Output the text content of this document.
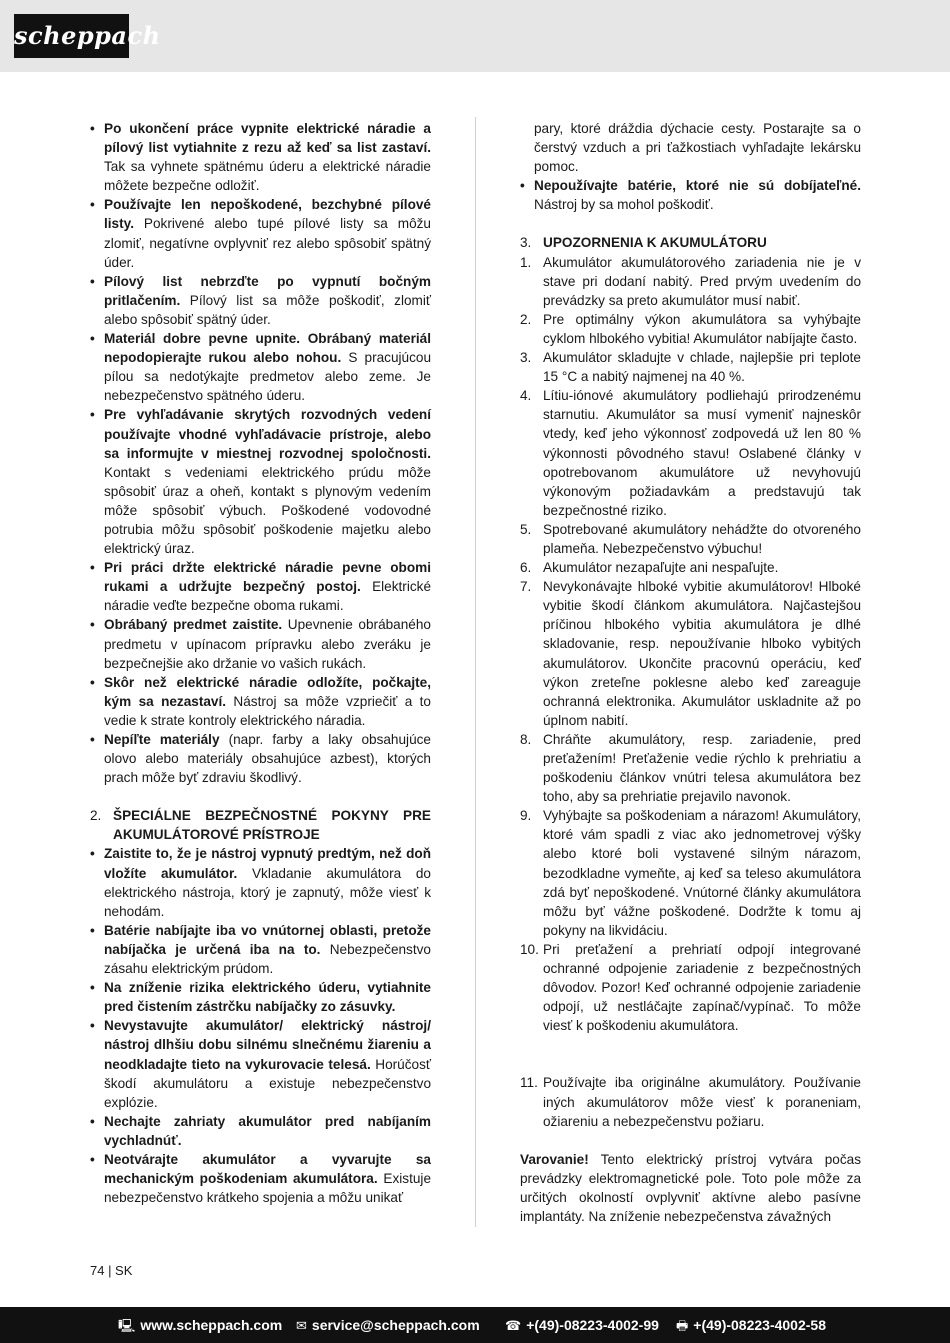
scheppach
• Po ukončení práce vypnite elektrické náradie a pílový list vytiahnite z rezu až keď sa list zastaví. Tak sa vyhnete spätnému úderu a elektrické náradie môžete bezpečne odložiť.
• Používajte len nepoškodené, bezchybné pílové listy. Pokrivené alebo tupé pílové listy sa môžu zlomiť, negatívne ovplyvniť rez alebo spôsobiť spätný úder.
• Pílový list nebrzďte po vypnutí bočným pritlačením. Pílový list sa môže poškodiť, zlomiť alebo spôsobiť spätný úder.
• Materiál dobre pevne upnite. Obrábaný materiál nepodopierajte rukou alebo nohou. S pracujúcou pílou sa nedotýkajte predmetov alebo zeme. Je nebezpečenstvo spätného úderu.
• Pre vyhľadávanie skrytých rozvodných vedení používajte vhodné vyhľadávacie prístroje, alebo sa informujte v miestnej rozvodnej spoločnosti. Kontakt s vedeniami elektrického prúdu môže spôsobiť úraz a oheň, kontakt s plynovým vedením môže spôsobiť výbuch. Poškodené vodovodné potrubia môžu spôsobiť poškodenie majetku alebo elektrický úraz.
• Pri práci držte elektrické náradie pevne obomi rukami a udržujte bezpečný postoj. Elektrické náradie veďte bezpečne oboma rukami.
• Obrábaný predmet zaistite. Upevnenie obrábaného predmetu v upínacom prípravku alebo zveráku je bezpečnejšie ako držanie vo vašich rukách.
• Skôr než elektrické náradie odložíte, počkajte, kým sa nezastaví. Nástroj sa môže vzpriečiť a to vedie k strate kontroly elektrického náradia.
• Nepíľte materiály (napr. farby a laky obsahujúce olovo alebo materiály obsahujúce azbest), ktorých prach môže byť zdraviu škodlivý.
2. ŠPECIÁLNE BEZPEČNOSTNÉ POKYNY PRE AKUMULÁTOROVÉ PRÍSTROJE
• Zaistite to, že je nástroj vypnutý predtým, než doň vložíte akumulátor. Vkladanie akumulátora do elektrického nástroja, ktorý je zapnutý, môže viesť k nehodám.
• Batérie nabíjajte iba vo vnútornej oblasti, pretože nabíjačka je určená iba na to. Nebezpečenstvo zásahu elektrickým prúdom.
• Na zníženie rizika elektrického úderu, vytiahnite pred čistením zástrčku nabíjačky zo zásuvky.
• Nevystavujte akumulátor/ elektrický nástroj/ nástroj dlhšiu dobu silnému slnečnému žiareniu a neodkladajte tieto na vykurovacie telesá. Horúčosť škodí akumulátoru a existuje nebezpečenstvo explózie.
• Nechajte zahriaty akumulátor pred nabíjaním vychladnúť.
• Neotvárajte akumulátor a vyvarujte sa mechanickým poškodeniam akumulátora. Existuje nebezpečenstvo krátkeho spojenia a môžu unikať

pary, ktoré dráždia dýchacie cesty. Postarajte sa o čerstvý vzduch a pri ťažkostiach vyhľadajte lekársku pomoc.

• Nepoužívajte batérie, ktoré nie sú dobíjateľné. Nástroj by sa mohol poškodiť.
3. UPOZORNENIA K AKUMULÁTORU
1. Akumulátor akumulátorového zariadenia nie je v stave pri dodaní nabitý. Pred prvým uvedením do prevádzky sa preto akumulátor musí nabiť.
2. Pre optimálny výkon akumulátora sa vyhýbajte cyklom hlbokého vybitia! Akumulátor nabíjajte často.
3. Akumulátor skladujte v chlade, najlepšie pri teplote 15 °C a nabitý najmenej na 40 %.
4. Lítiu-iónové akumulátory podliehajú prirodzenému starnutiu. Akumulátor sa musí vymeniť najneskôr vtedy, keď jeho výkonnosť zodpovedá už len 80 % výkonnosti pôvodného stavu! Oslabené články v opotrebovanom akumulátore už nevyhovujú výkonovým požiadavkám a predstavujú tak bezpečnostné riziko.
5. Spotrebované akumulátory nehádžte do otvoreného plameňa. Nebezpečenstvo výbuchu!
6. Akumulátor nezapaľujte ani nespaľujte.
7. Nevykonávajte hlboké vybitie akumulátorov! Hlboké vybitie škodí článkom akumulátora. Najčastejšou príčinou hlbokého vybitia akumulátora je dlhé skladovanie, resp. nepoužívanie hlboko vybitých akumulátorov. Ukončite pracovnú operáciu, keď výkon zreteľne poklesne alebo keď zareaguje ochranná elektronika. Akumulátor uskladnite až po úplnom nabití.
8. Chráňte akumulátory, resp. zariadenie, pred preťažením! Preťaženie vedie rýchlo k prehriatiu a poškodeniu článkov vnútri telesa akumulátora bez toho, aby sa prehriatie prejavilo navonok.
9. Vyhýbajte sa poškodeniam a nárazom! Akumulátory, ktoré vám spadli z viac ako jednometrovej výšky alebo ktoré boli vystavené silným nárazom, bezodkladne vymeňte, aj keď sa teleso akumulátora zdá byť nepoškodené. Vnútorné články akumulátora môžu byť vážne poškodené. Dodržte k tomu aj pokyny na likvidáciu.
10. Pri preťažení a prehriatí odpojí integrované ochranné odpojenie zariadenie z bezpečnostných dôvodov. Pozor! Keď ochranné odpojenie zariadenie odpojí, už nestláčajte zapínač/vypínač. To môže viesť k poškodeniu akumulátora.
11. Používajte iba originálne akumulátory. Používanie iných akumulátorov môže viesť k poraneniam, ožiareniu a nebezpečenstvu požiaru.

Varovanie! Tento elektrický prístroj vytvára počas prevádzky elektromagnetické pole. Toto pole môže za určitých okolností ovplyvniť aktívne alebo pasívne implantáty. Na zníženie nebezpečenstva závažných

74 | SK
🖳 www.scheppach.com ✉ service@scheppach.com ☎ +(49)-08223-4002-99 🖶 +(49)-08223-4002-58
